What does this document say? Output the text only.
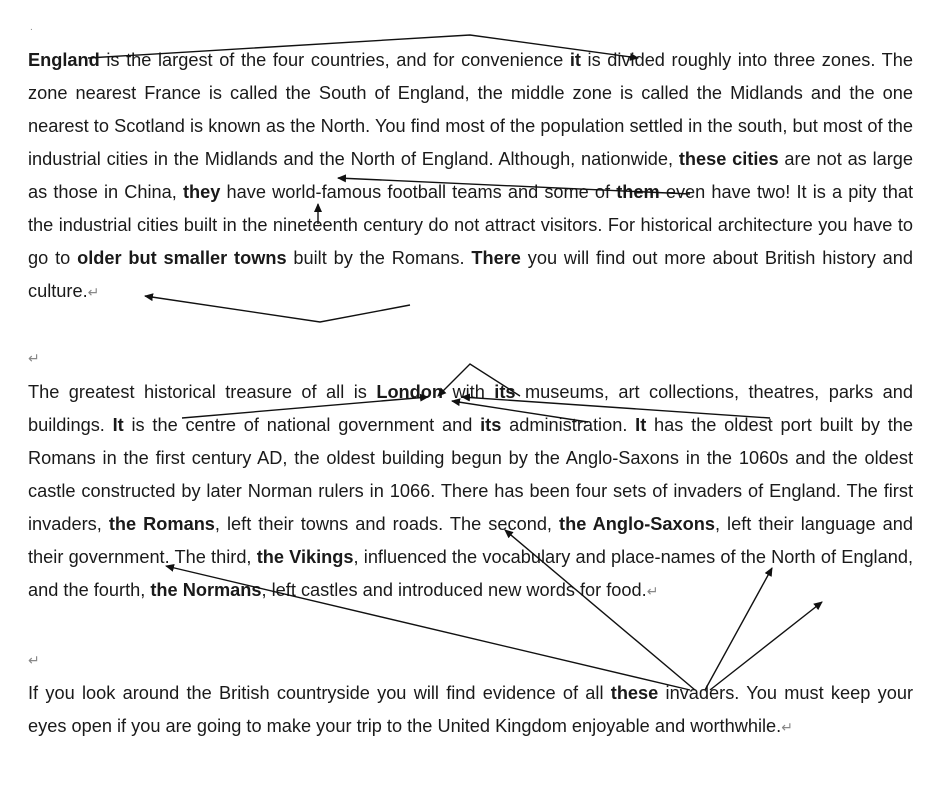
.

England is the largest of the four countries, and for convenience it is divided roughly into three zones. The zone nearest France is called the South of England, the middle zone is called the Midlands and the one nearest to Scotland is known as the North. You find most of the population settled in the south, but most of the industrial cities in the Midlands and the North of England. Although, nationwide, these cities are not as large as those in China, they have world-famous football teams and some of them even have two! It is a pity that the industrial cities built in the nineteenth century do not attract visitors. For historical architecture you have to go to older but smaller towns built by the Romans. There you will find out more about British history and culture.↵

↵

The greatest historical treasure of all is London with its museums, art collections, theatres, parks and buildings. It is the centre of national government and its administration. It has the oldest port built by the Romans in the first century AD, the oldest building begun by the Anglo-Saxons in the 1060s and the oldest castle constructed by later Norman rulers in 1066. There has been four sets of invaders of England. The first invaders, the Romans, left their towns and roads. The second, the Anglo-Saxons, left their language and their government. The third, the Vikings, influenced the vocabulary and place-names of the North of England, and the fourth, the Normans, left castles and introduced new words for food.↵

↵

If you look around the British countryside you will find evidence of all these invaders. You must keep your eyes open if you are going to make your trip to the United Kingdom enjoyable and worthwhile.↵
